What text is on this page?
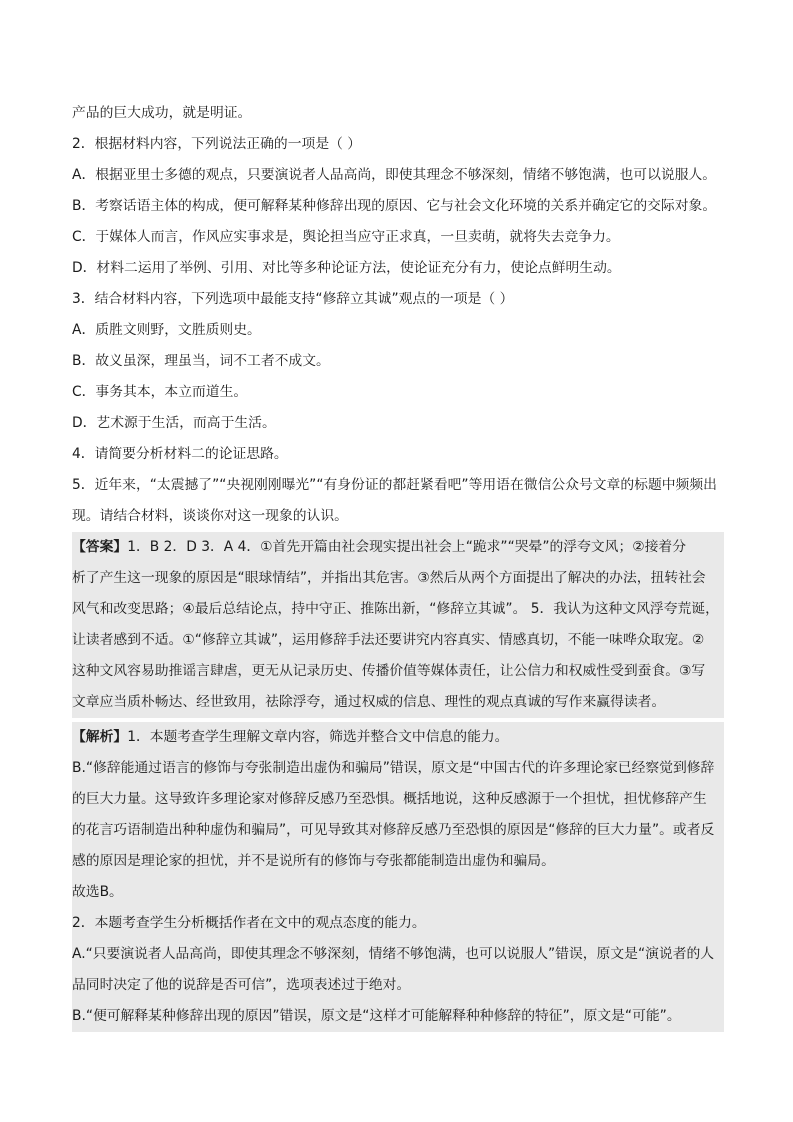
产品的巨大成功，就是明证。
2．根据材料内容，下列说法正确的一项是（ ）
A．根据亚里士多德的观点，只要演说者人品高尚，即使其理念不够深刻，情绪不够饱满，也可以说服人。
B．考察话语主体的构成，便可解释某种修辞出现的原因、它与社会文化环境的关系并确定它的交际对象。
C．于媒体人而言，作风应实事求是，舆论担当应守正求真，一旦卖萌，就将失去竞争力。
D．材料二运用了举例、引用、对比等多种论证方法，使论证充分有力，使论点鲜明生动。
3．结合材料内容，下列选项中最能支持“修辞立其诚”观点的一项是（ ）
A．质胜文则野，文胜质则史。
B．故义虽深，理虽当，词不工者不成文。
C．事务其本，本立而道生。
D．艺术源于生活，而高于生活。
4．请简要分析材料二的论证思路。
5．近年来，“太震撼了”“央视刚刚曝光”“有身份证的都赶紧看吧”等用语在微信公众号文章的标题中频频出
现。请结合材料，谈谈你对这一现象的认识。
【答案】1．B 2．D 3．A 4．①首先开篇由社会现实提出社会上“跪求”“哭晕”的浮夸文风；②接着分
析了产生这一现象的原因是“眼球情结”，并指出其危害。③然后从两个方面提出了解决的办法，扭转社会
风气和改变思路；④最后总结论点，持中守正、推陈出新，“修辞立其诚”。 5．我认为这种文风浮夸荒诞，
让读者感到不适。①“修辞立其诚”，运用修辞手法还要讲究内容真实、情感真切，不能一味哗众取宠。②
这种文风容易助推谣言肆虐，更无从记录历史、传播价值等媒体责任，让公信力和权威性受到蚕食。③写
文章应当质朴畅达、经世致用，祛除浮夸，通过权威的信息、理性的观点真诚的写作来赢得读者。
【解析】1．本题考查学生理解文章内容，筛选并整合文中信息的能力。
B.“修辞能通过语言的修饰与夸张制造出虚伪和骗局”错误，原文是“中国古代的许多理论家已经察觉到修辞
的巨大力量。这导致许多理论家对修辞反感乃至恐惧。概括地说，这种反感源于一个担忧，担忧修辞产生
的花言巧语制造出种种虚伪和骗局”，可见导致其对修辞反感乃至恐惧的原因是“修辞的巨大力量”。或者反
感的原因是理论家的担忧，并不是说所有的修饰与夸张都能制造出虚伪和骗局。
故选B。
2．本题考查学生分析概括作者在文中的观点态度的能力。
A.“只要演说者人品高尚，即使其理念不够深刻，情绪不够饱满，也可以说服人”错误，原文是“演说者的人
品同时决定了他的说辞是否可信”，选项表述过于绝对。
B.“便可解释某种修辞出现的原因”错误，原文是“这样才可能解释种种修辞的特征”，原文是“可能”。
